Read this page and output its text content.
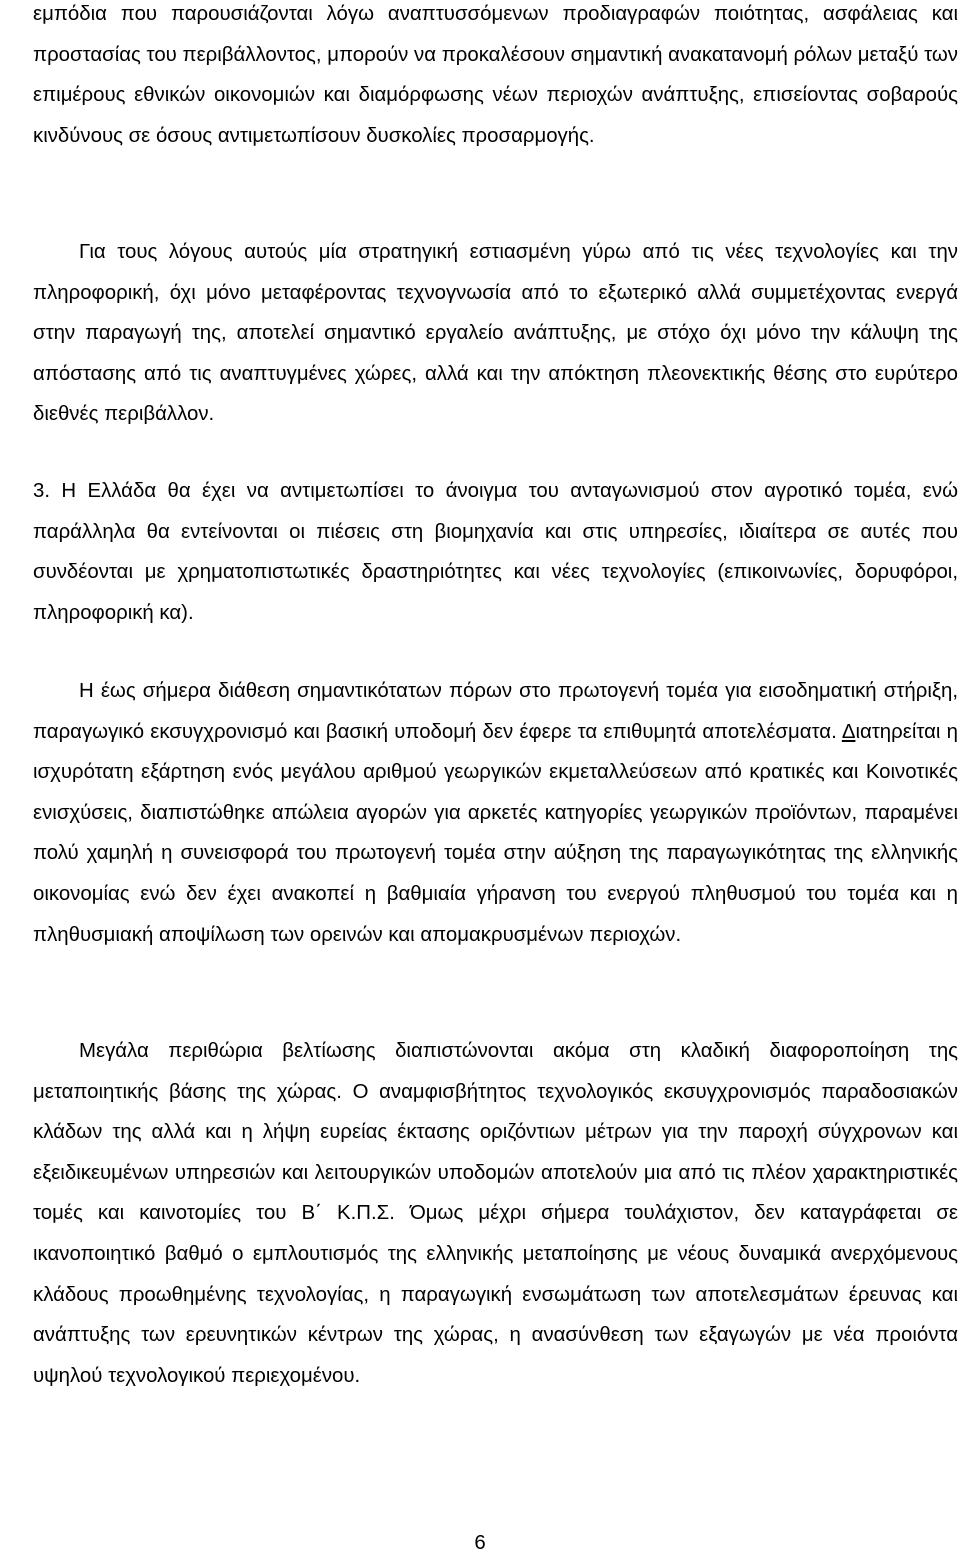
εμπόδια που παρουσιάζονται λόγω αναπτυσσόμενων προδιαγραφών ποιότητας, ασφάλειας και προστασίας του περιβάλλοντος, μπορούν να προκαλέσουν σημαντική ανακατανομή ρόλων μεταξύ των επιμέρους εθνικών οικονομιών και διαμόρφωσης νέων περιοχών ανάπτυξης, επισείοντας σοβαρούς κινδύνους σε όσους αντιμετωπίσουν δυσκολίες προσαρμογής.

Για τους λόγους αυτούς μία στρατηγική εστιασμένη γύρω από τις νέες τεχνολογίες και την πληροφορική, όχι μόνο μεταφέροντας τεχνογνωσία από το εξωτερικό αλλά συμμετέχοντας ενεργά στην παραγωγή της, αποτελεί σημαντικό εργαλείο ανάπτυξης, με στόχο όχι μόνο την κάλυψη της απόστασης από τις αναπτυγμένες χώρες, αλλά και την απόκτηση πλεονεκτικής θέσης στο ευρύτερο διεθνές περιβάλλον.

3. Η Ελλάδα θα έχει να αντιμετωπίσει το άνοιγμα του ανταγωνισμού στον αγροτικό τομέα, ενώ παράλληλα θα εντείνονται οι πιέσεις στη βιομηχανία και στις υπηρεσίες, ιδιαίτερα σε αυτές που συνδέονται με χρηματοπιστωτικές δραστηριότητες και νέες τεχνολογίες (επικοινωνίες, δορυφόροι, πληροφορική κα).

Η έως σήμερα διάθεση σημαντικότατων πόρων στο πρωτογενή τομέα για εισοδηματική στήριξη, παραγωγικό εκσυγχρονισμό και βασική υποδομή δεν έφερε τα επιθυμητά αποτελέσματα. Διατηρείται η ισχυρότατη εξάρτηση ενός μεγάλου αριθμού γεωργικών εκμεταλλεύσεων από κρατικές και Κοινοτικές ενισχύσεις, διαπιστώθηκε απώλεια αγορών για αρκετές κατηγορίες γεωργικών προϊόντων, παραμένει πολύ χαμηλή η συνεισφορά του πρωτογενή τομέα στην αύξηση της παραγωγικότητας της ελληνικής οικονομίας ενώ δεν έχει ανακοπεί η βαθμιαία γήρανση του ενεργού πληθυσμού του τομέα και η πληθυσμιακή αποψίλωση των ορεινών και απομακρυσμένων περιοχών.

Μεγάλα περιθώρια βελτίωσης διαπιστώνονται ακόμα στη κλαδική διαφοροποίηση της μεταποιητικής βάσης της χώρας. Ο αναμφισβήτητος τεχνολογικός εκσυγχρονισμός παραδοσιακών κλάδων της αλλά και η λήψη ευρείας έκτασης οριζόντιων μέτρων για την παροχή σύγχρονων και εξειδικευμένων υπηρεσιών και λειτουργικών υποδομών αποτελούν μια από τις πλέον χαρακτηριστικές τομές και καινοτομίες του Β΄ Κ.Π.Σ. Όμως μέχρι σήμερα τουλάχιστον, δεν καταγράφεται σε ικανοποιητικό βαθμό ο εμπλουτισμός της ελληνικής μεταποίησης με νέους δυναμικά ανερχόμενους κλάδους προωθημένης τεχνολογίας, η παραγωγική ενσωμάτωση των αποτελεσμάτων έρευνας και ανάπτυξης των ερευνητικών κέντρων της χώρας, η ανασύνθεση των εξαγωγών με νέα προιόντα υψηλού τεχνολογικού περιεχομένου.

6
